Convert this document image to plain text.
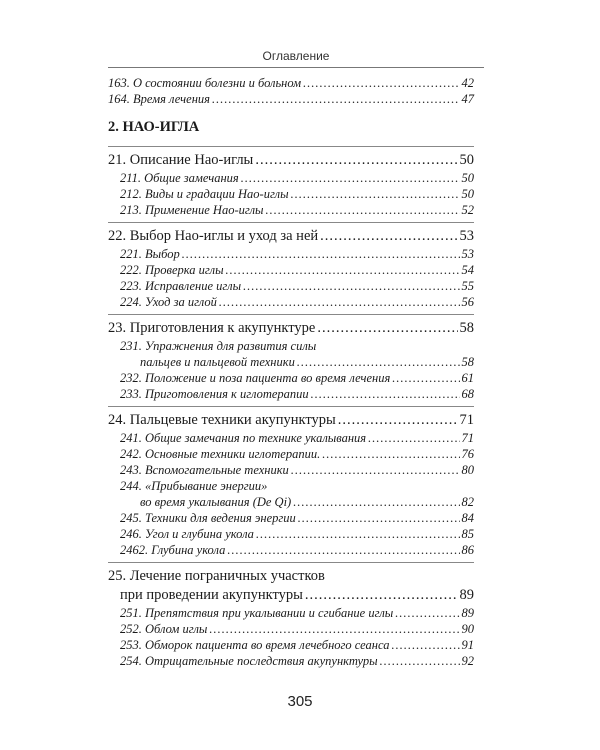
Оглавление
163. О состоянии болезни и больном .....	42
164. Время лечения .....	47
2. НАО-ИГЛА
21. Описание Нао-иглы .....	50
211. Общие замечания .....	50
212. Виды и градации Нао-иглы .....	50
213. Применение Нао-иглы .....	52
22. Выбор Нао-иглы и уход за ней .....	53
221. Выбор .....	53
222. Проверка иглы .....	54
223. Исправление иглы .....	55
224. Уход за иглой .....	56
23. Приготовления к акупунктуре .....	58
231. Упражнения для развития силы
пальцев и пальцевой техники .....	58
232. Положение и поза пациента во время лечения .....	61
233. Приготовления к иглотерапии .....	68
24. Пальцевые техники акупунктуры .....	71
241. Общие замечания по технике укалывания .....	71
242. Основные техники иглотерапии. .....	76
243. Вспомогательные техники .....	80
244. «Прибывание энергии»
во время укалывания (De Qi) .....	82
245. Техники для ведения энергии .....	84
246. Угол и глубина укола .....	85
2462. Глубина укола .....	86
25. Лечение пограничных участков
при проведении акупунктуры .....	89
251. Препятствия при укалывании и сгибание иглы .....	89
252. Облом иглы .....	90
253. Обморок пациента во время лечебного сеанса .....	91
254. Отрицательные последствия акупунктуры .....	92
305
